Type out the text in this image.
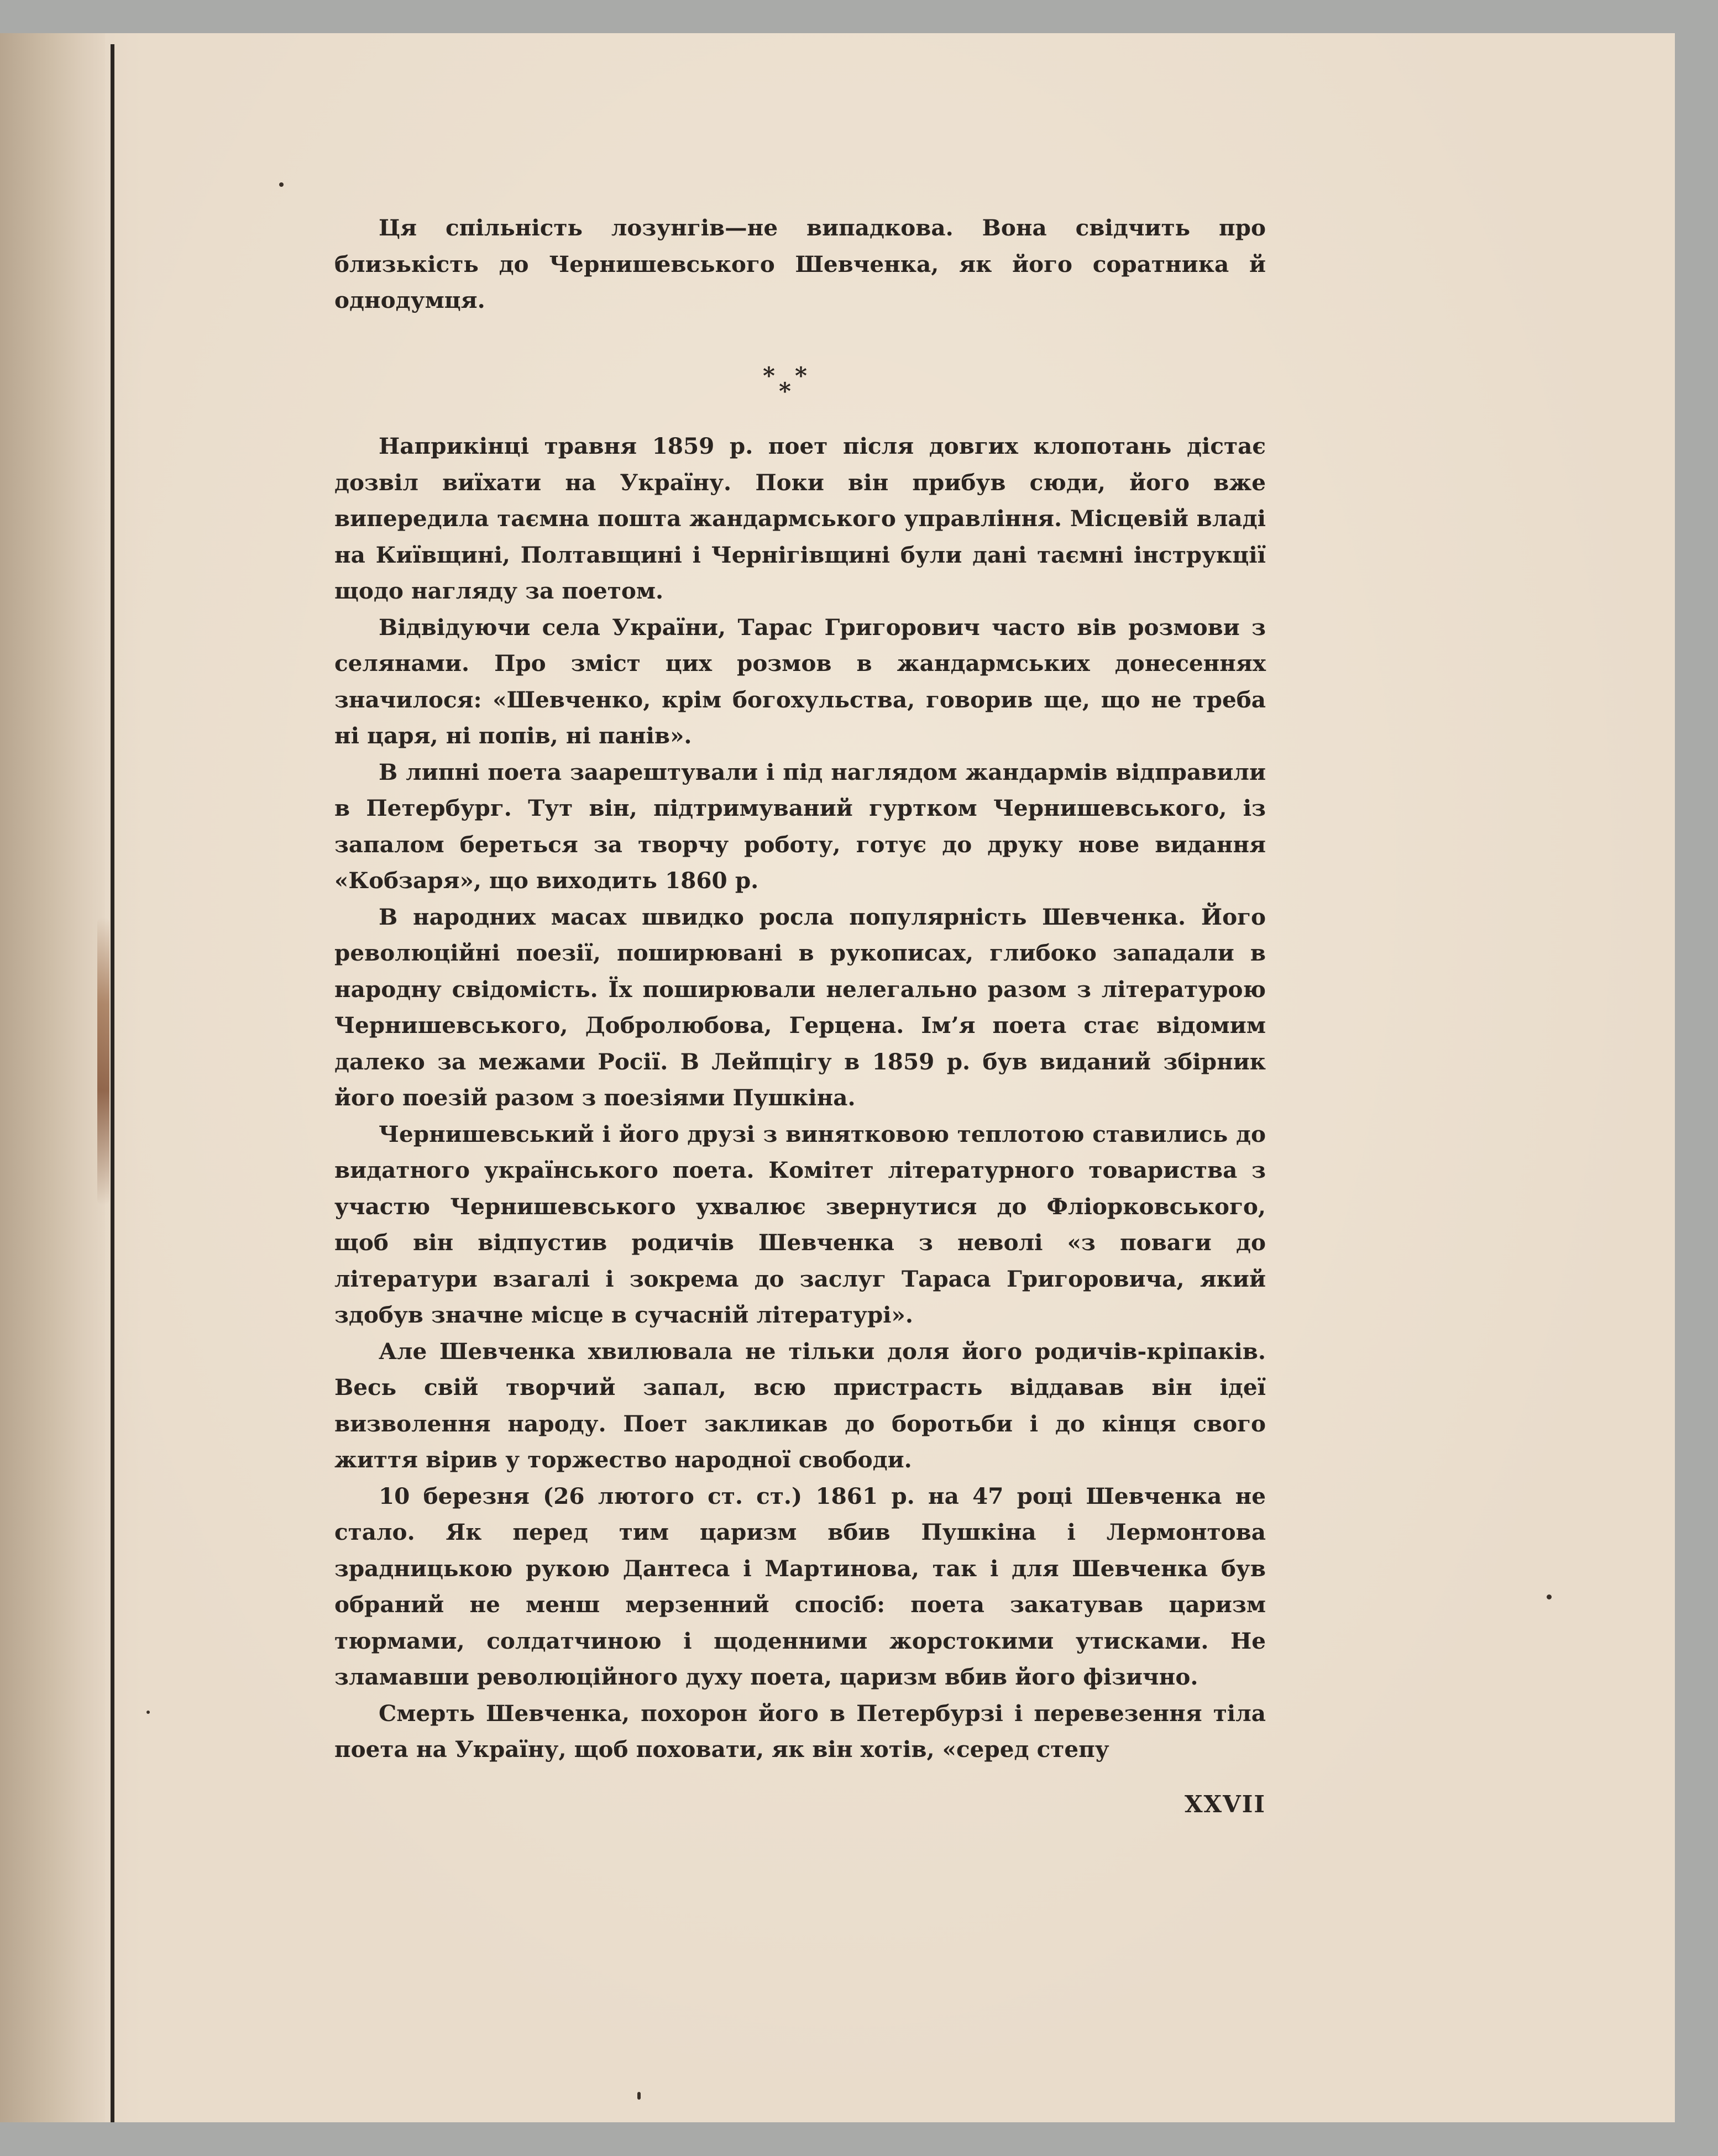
Ця спільність лозунгів—не випадкова. Вона свідчить про близькість до Чернишевського Шевченка, як його соратника й однодумця.

* *
*

Наприкінці травня 1859 р. поет після довгих клопотань дістає дозвіл виїхати на Україну. Поки він прибув сюди, його вже випередила таємна пошта жандармського управління. Місцевій владі на Київщині, Полтавщині і Чернігівщині були дані таємні інструкції щодо нагляду за поетом.

Відвідуючи села України, Тарас Григорович часто вів розмови з селянами. Про зміст цих розмов в жандармських донесеннях значилося: «Шевченко, крім богохульства, говорив ще, що не треба ні царя, ні попів, ні панів».

В липні поета заарештували і під наглядом жандармів відправили в Петербург. Тут він, підтримуваний гуртком Чернишевського, із запалом береться за творчу роботу, готує до друку нове видання «Кобзаря», що виходить 1860 р.

В народних масах швидко росла популярність Шевченка. Його революційні поезії, поширювані в рукописах, глибоко западали в народну свідомість. Їх поширювали нелегально разом з літературою Чернишевського, Добролюбова, Герцена. Ім’я поета стає відомим далеко за межами Росії. В Лейпцігу в 1859 р. був виданий збірник його поезій разом з поезіями Пушкіна.

Чернишевський і його друзі з винятковою теплотою ставились до видатного українського поета. Комітет літературного товариства з участю Чернишевського ухвалює звернутися до Фліорковського, щоб він відпустив родичів Шевченка з неволі «з поваги до літератури взагалі і зокрема до заслуг Тараса Григоровича, який здобув значне місце в сучасній літературі».

Але Шевченка хвилювала не тільки доля його родичів-кріпаків. Весь свій творчий запал, всю пристрасть віддавав він ідеї визволення народу. Поет закликав до боротьби і до кінця свого життя вірив у торжество народної свободи.

10 березня (26 лютого ст. ст.) 1861 р. на 47 році Шевченка не стало. Як перед тим царизм вбив Пушкіна і Лермонтова зрадницькою рукою Дантеса і Мартинова, так і для Шевченка був обраний не менш мерзенний спосіб: поета закатував царизм тюрмами, солдатчиною і щоденними жорстокими утисками. Не зламавши революційного духу поета, царизм вбив його фізично.

Смерть Шевченка, похорон його в Петербурзі і перевезення тіла поета на Україну, щоб поховати, як він хотів, «серед степу

XXVII
